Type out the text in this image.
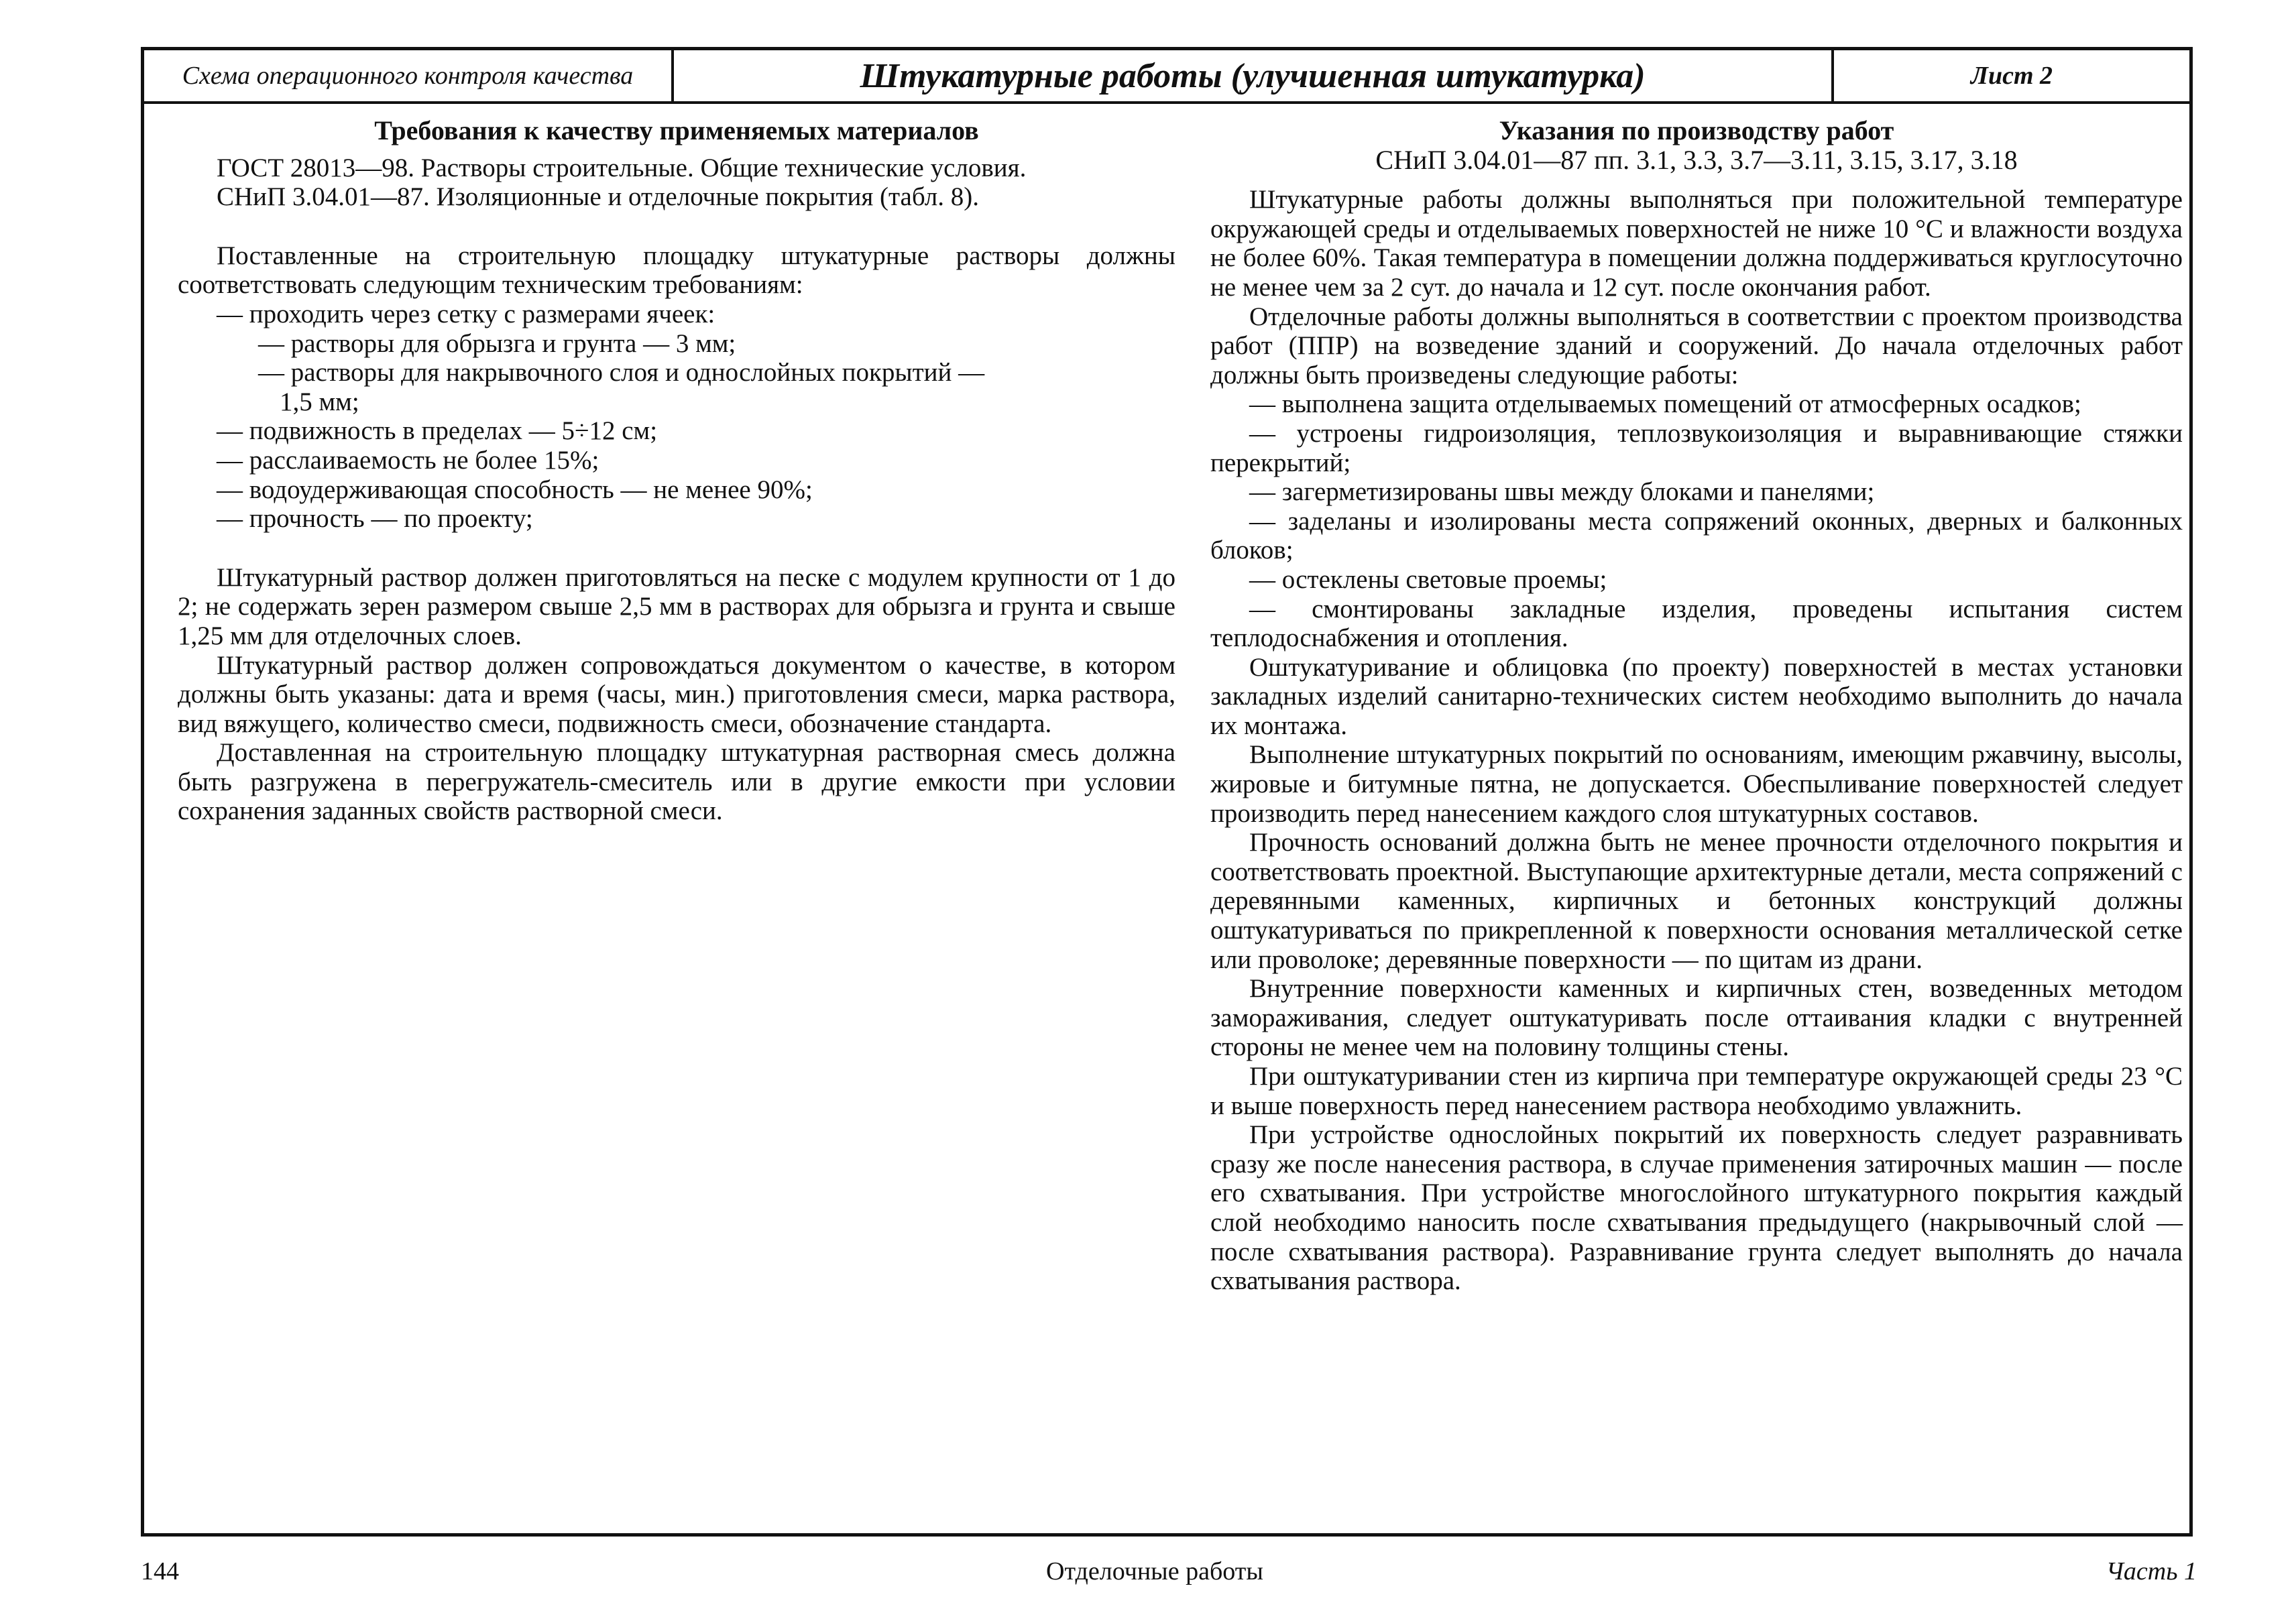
Схема операционного контроля качества	Штукатурные работы (улучшенная штукатурка)	Лист 2

Требования к качеству применяемых материалов

ГОСТ 28013—98. Растворы строительные. Общие технические условия.

СНиП 3.04.01—87. Изоляционные и отделочные покрытия (табл. 8).

Поставленные на строительную площадку штукатурные растворы должны соответствовать следующим техническим требованиям:

— проходить через сетку с размерами ячеек:

— растворы для обрызга и грунта — 3 мм;

— растворы для накрывочного слоя и однослойных покрытий —

1,5 мм;

— подвижность в пределах — 5÷12 см;

— расслаиваемость не более 15%;

— водоудерживающая способность — не менее 90%;

— прочность — по проекту;

Штукатурный раствор должен приготовляться на песке с модулем крупности от 1 до 2; не содержать зерен размером свыше 2,5 мм в растворах для обрызга и грунта и свыше 1,25 мм для отделочных слоев.

Штукатурный раствор должен сопровождаться документом о качестве, в котором должны быть указаны: дата и время (часы, мин.) приготовления смеси, марка раствора, вид вяжущего, количество смеси, подвижность смеси, обозначение стандарта.

Доставленная на строительную площадку штукатурная растворная смесь должна быть разгружена в перегружатель-смеситель или в другие емкости при условии сохранения заданных свойств растворной смеси.

Указания по производству работ

СНиП 3.04.01—87 пп. 3.1, 3.3, 3.7—3.11, 3.15, 3.17, 3.18

Штукатурные работы должны выполняться при положительной температуре окружающей среды и отделываемых поверхностей не ниже 10 °С и влажности воздуха не более 60%. Такая температура в помещении должна поддерживаться круглосуточно не менее чем за 2 сут. до начала и 12 сут. после окончания работ.

Отделочные работы должны выполняться в соответствии с проектом производства работ (ППР) на возведение зданий и сооружений. До начала отделочных работ должны быть произведены следующие работы:

— выполнена защита отделываемых помещений от атмосферных осадков;

— устроены гидроизоляция, теплозвукоизоляция и выравнивающие стяжки перекрытий;

— загерметизированы швы между блоками и панелями;

— заделаны и изолированы места сопряжений оконных, дверных и балконных блоков;

— остеклены световые проемы;

— смонтированы закладные изделия, проведены испытания систем теплодоснабжения и отопления.

Оштукатуривание и облицовка (по проекту) поверхностей в местах установки закладных изделий санитарно-технических систем необходимо выполнить до начала их монтажа.

Выполнение штукатурных покрытий по основаниям, имеющим ржавчину, высолы, жировые и битумные пятна, не допускается. Обеспыливание поверхностей следует производить перед нанесением каждого слоя штукатурных составов.

Прочность оснований должна быть не менее прочности отделочного покрытия и соответствовать проектной. Выступающие архитектурные детали, места сопряжений с деревянными каменных, кирпичных и бетонных конструкций должны оштукатуриваться по прикрепленной к поверхности основания металлической сетке или проволоке; деревянные поверхности — по щитам из драни.

Внутренние поверхности каменных и кирпичных стен, возведенных методом замораживания, следует оштукатуривать после оттаивания кладки с внутренней стороны не менее чем на половину толщины стены.

При оштукатуривании стен из кирпича при температуре окружающей среды 23 °С и выше поверхность перед нанесением раствора необходимо увлажнить.

При устройстве однослойных покрытий их поверхность следует разравнивать сразу же после нанесения раствора, в случае применения затирочных машин — после его схватывания. При устройстве многослойного штукатурного покрытия каждый слой необходимо наносить после схватывания предыдущего (накрывочный слой — после схватывания раствора). Разравнивание грунта следует выполнять до начала схватывания раствора.

144	Отделочные работы	Часть 1
